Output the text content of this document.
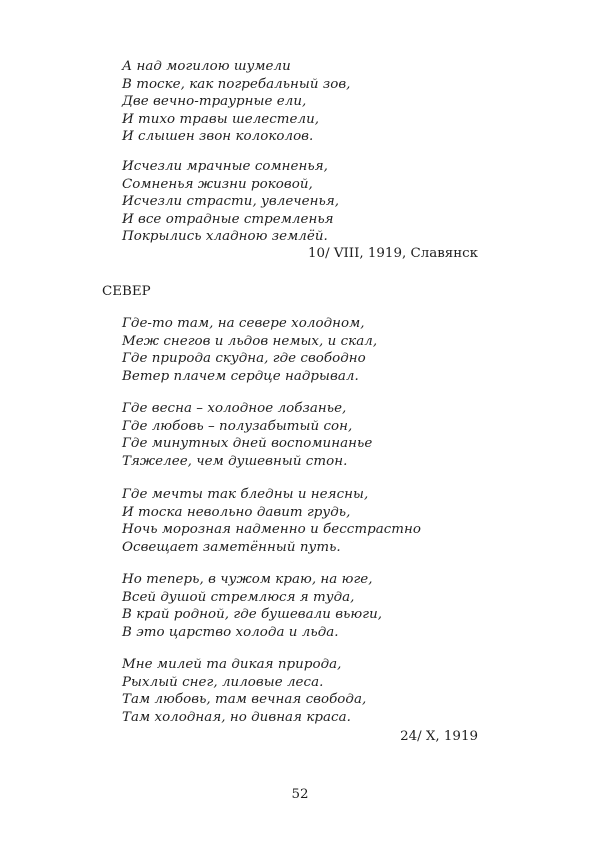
А над могилою шумели
В тоске, как погребальный зов,
Две вечно-траурные ели,
И тихо травы шелестели,
И слышен звон колоколов.
Исчезли мрачные сомненья,
Сомненья жизни роковой,
Исчезли страсти, увлеченья,
И все отрадные стремленья
Покрылись хладною землёй.
10/ VIII, 1919, Славянск
СЕВЕР
Где-то там, на севере холодном,
Меж снегов и льдов немых, и скал,
Где природа скудна, где свободно
Ветер плачем сердце надрывал.
Где весна – холодное лобзанье,
Где любовь – полузабытый сон,
Где минутных дней воспоминанье
Тяжелее, чем душевный стон.
Где мечты так бледны и неясны,
И тоска невольно давит грудь,
Ночь морозная надменно и бесстрастно
Освещает заметённый путь.
Но теперь, в чужом краю, на юге,
Всей душой стремлюся я туда,
В край родной, где бушевали вьюги,
В это царство холода и льда.
Мне милей та дикая природа,
Рыхлый снег, лиловые леса.
Там любовь, там вечная свобода,
Там холодная, но дивная краса.
24/ X, 1919
52
